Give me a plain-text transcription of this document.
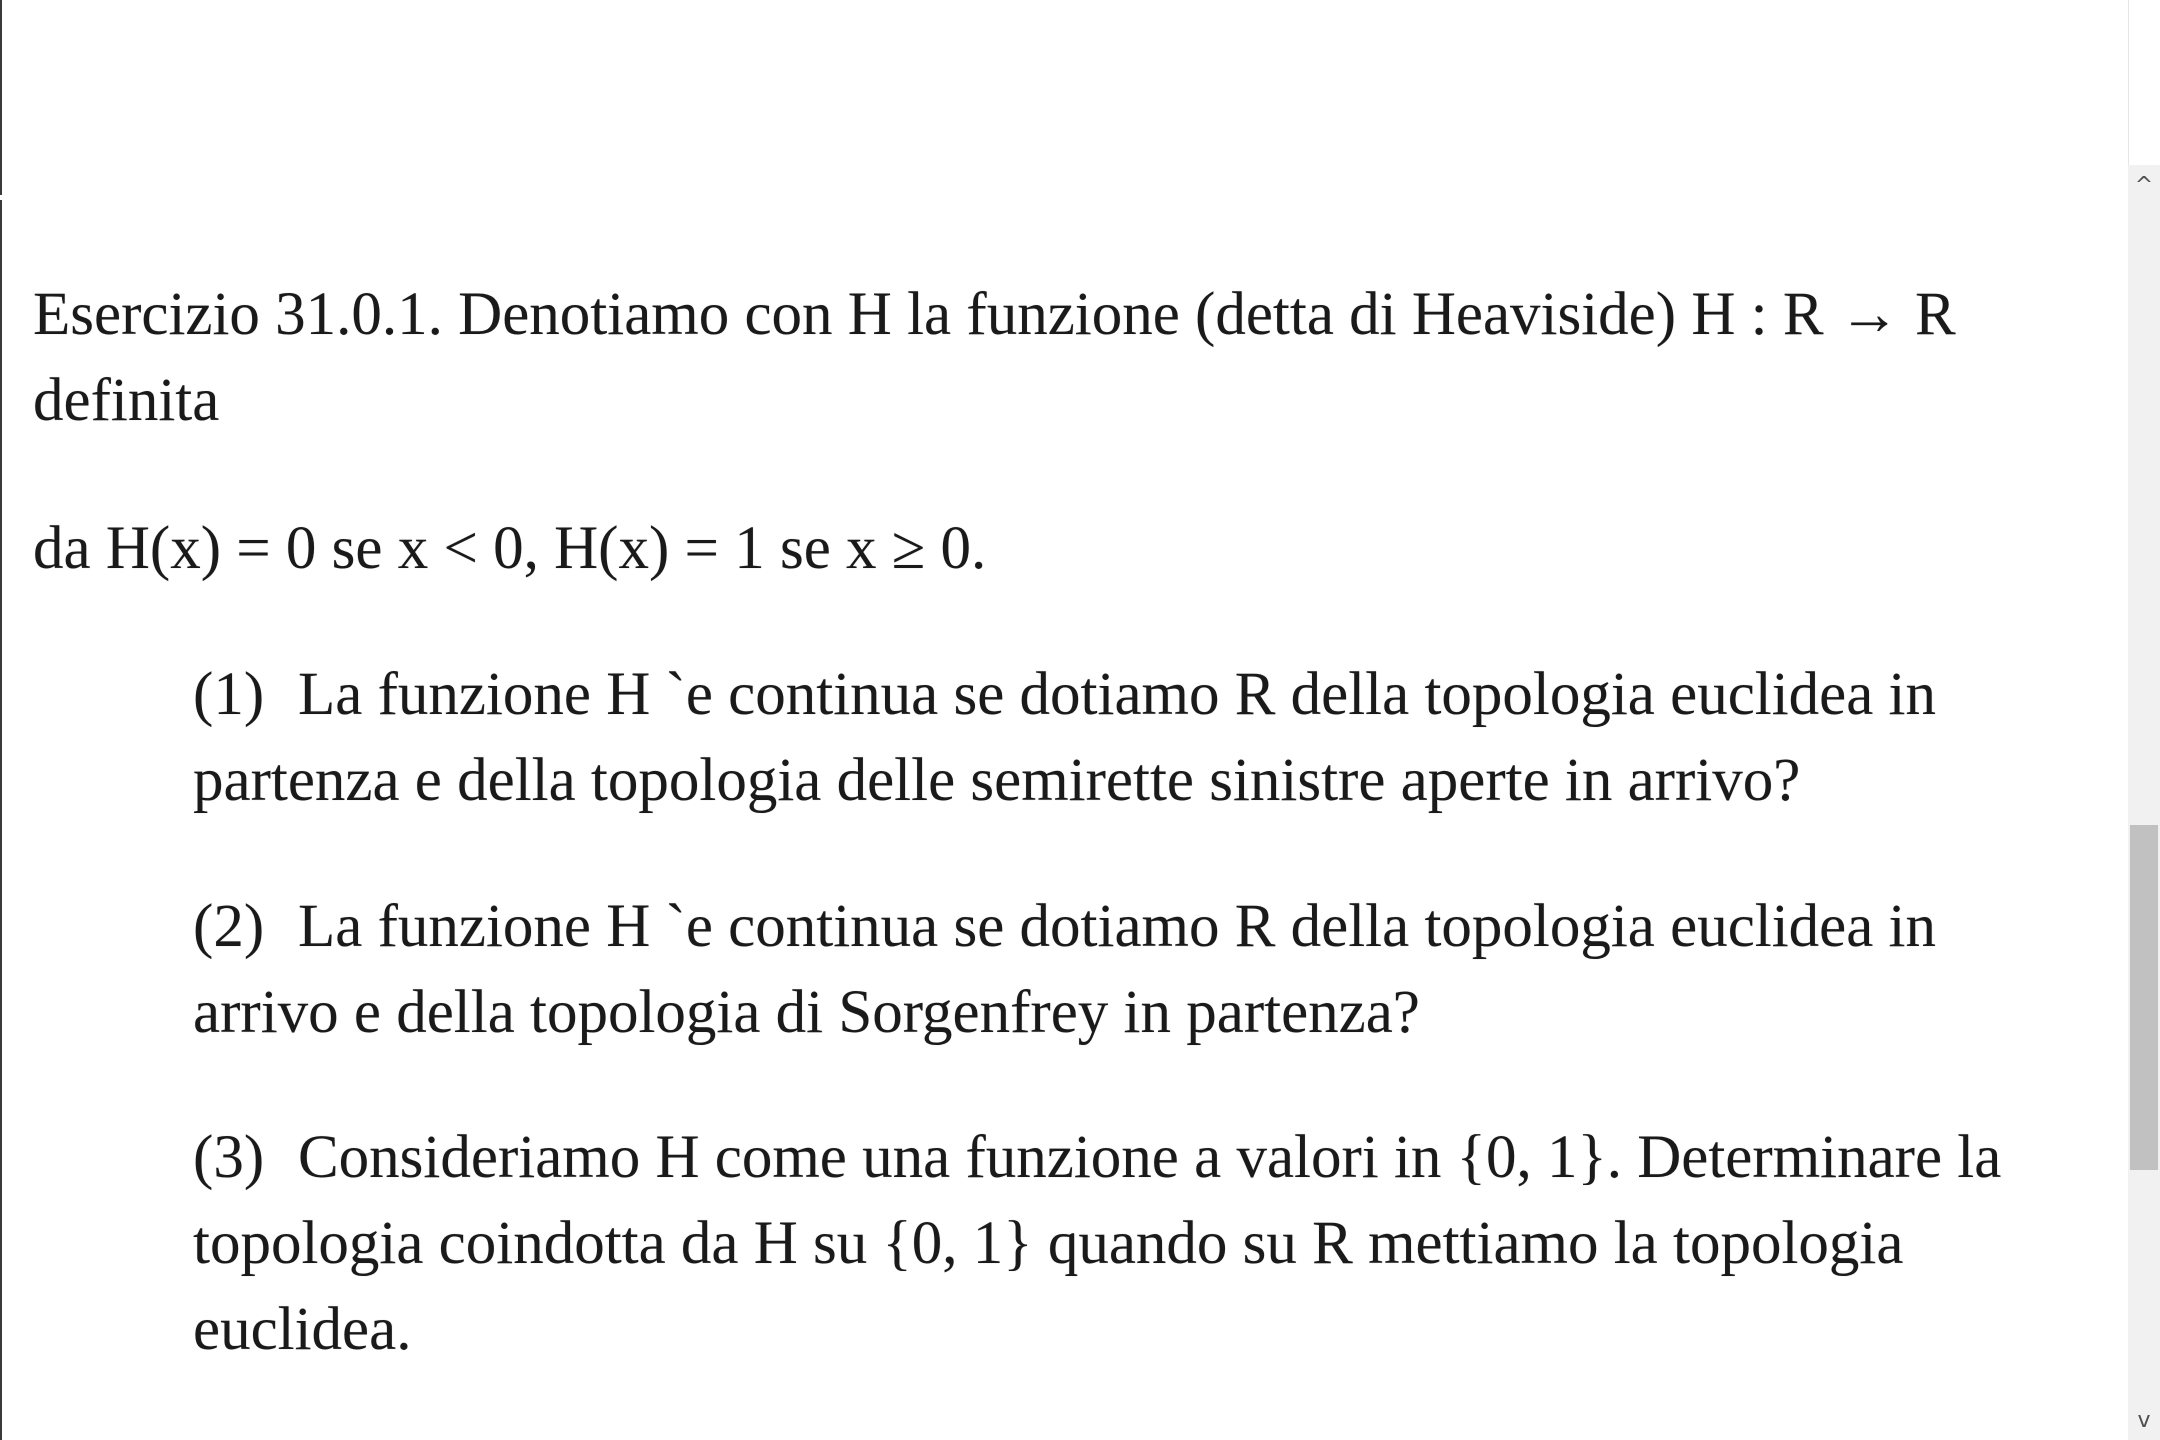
Esercizio 31.0.1. Denotiamo con H la funzione (detta di Heaviside) H : R → R
definita

da H(x) = 0 se x < 0, H(x) = 1 se x ≥ 0.

(1) La funzione H `e continua se dotiamo R della topologia euclidea in
partenza e della topologia delle semirette sinistre aperte in arrivo?

(2) La funzione H `e continua se dotiamo R della topologia euclidea in
arrivo e della topologia di Sorgenfrey in partenza?

(3) Consideriamo H come una funzione a valori in {0, 1}. Determinare la
topologia coindotta da H su {0, 1} quando su R mettiamo la topologia
euclidea.

^
v
